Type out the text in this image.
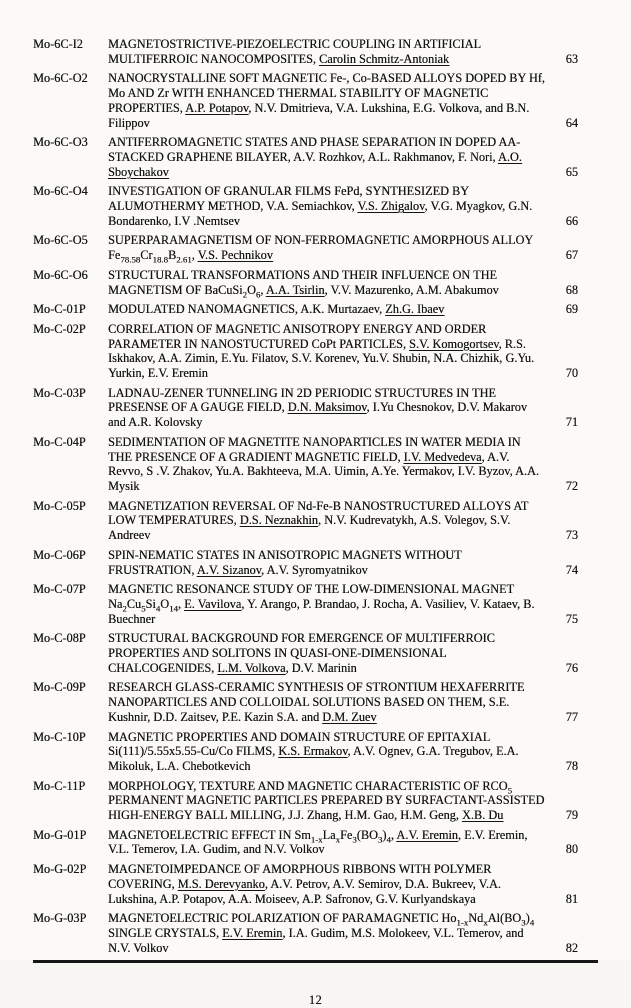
Mo-6C-I2	MAGNETOSTRICTIVE-PIEZOELECTRIC COUPLING IN ARTIFICIAL MULTIFERROIC NANOCOMPOSITES, Carolin Schmitz-Antoniak	63
Mo-6C-O2	NANOCRYSTALLINE SOFT MAGNETIC Fe-, Co-BASED ALLOYS DOPED BY Hf, Mo AND Zr WITH ENHANCED THERMAL STABILITY OF MAGNETIC PROPERTIES, A.P. Potapov, N.V. Dmitrieva, V.A. Lukshina, E.G. Volkova, and B.N. Filippov	64
Mo-6C-O3	ANTIFERROMAGNETIC STATES AND PHASE SEPARATION IN DOPED AA-STACKED GRAPHENE BILAYER, A.V. Rozhkov, A.L. Rakhmanov, F. Nori, A.O. Sboychakov	65
Mo-6C-O4	INVESTIGATION OF GRANULAR FILMS FePd, SYNTHESIZED BY ALUMOTHERMY METHOD, V.A. Semiachkov, V.S. Zhigalov, V.G. Myagkov, G.N. Bondarenko, I.V .Nemtsev	66
Mo-6C-O5	SUPERPARAMAGNETISM OF NON-FERROMAGNETIC AMORPHOUS ALLOY $Fe_{78.58}Cr_{18.8}B_{2.61}$, V.S. Pechnikov	67
Mo-6C-O6	STRUCTURAL TRANSFORMATIONS AND THEIR INFLUENCE ON THE MAGNETISM OF $BaCuSi_2O_6$, A.A. Tsirlin, V.V. Mazurenko, A.M. Abakumov	68
Mo-C-01P	MODULATED NANOMAGNETICS, A.K. Murtazaev, Zh.G. Ibaev	69
Mo-C-02P	CORRELATION OF MAGNETIC ANISOTROPY ENERGY AND ORDER PARAMETER IN NANOSTUCTURED CoPt PARTICLES, S.V. Komogortsev, R.S. Iskhakov, A.A. Zimin, E.Yu. Filatov, S.V. Korenev, Yu.V. Shubin, N.A. Chizhik, G.Yu. Yurkin, E.V. Eremin	70
Mo-C-03P	LADNAU-ZENER TUNNELING IN 2D PERIODIC STRUCTURES IN THE PRESENSE OF A GAUGE FIELD, D.N. Maksimov, I.Yu Chesnokov, D.V. Makarov and A.R. Kolovsky	71
Mo-C-04P	SEDIMENTATION OF MAGNETITE NANOPARTICLES IN WATER MEDIA IN THE PRESENCE OF A GRADIENT MAGNETIC FIELD, I.V. Medvedeva, A.V. Revvo, S .V. Zhakov, Yu.A. Bakhteeva, M.A. Uimin, A.Ye. Yermakov, I.V. Byzov, A.A. Mysik	72
Mo-C-05P	MAGNETIZATION REVERSAL OF Nd-Fe-B NANOSTRUCTURED ALLOYS AT LOW TEMPERATURES, D.S. Neznakhin, N.V. Kudrevatykh, A.S. Volegov, S.V. Andreev	73
Mo-C-06P	SPIN-NEMATIC STATES IN ANISOTROPIC MAGNETS WITHOUT FRUSTRATION, A.V. Sizanov, A.V. Syromyatnikov	74
Mo-C-07P	MAGNETIC RESONANCE STUDY OF THE LOW-DIMENSIONAL MAGNET $Na_2Cu_5Si_4O_{14}$, E. Vavilova, Y. Arango, P. Brandao, J. Rocha, A. Vasiliev, V. Kataev, B. Buechner	75
Mo-C-08P	STRUCTURAL BACKGROUND FOR EMERGENCE OF MULTIFERROIC PROPERTIES AND SOLITONS IN QUASI-ONE-DIMENSIONAL CHALCOGENIDES, L.M. Volkova, D.V. Marinin	76
Mo-C-09P	RESEARCH GLASS-CERAMIC SYNTHESIS OF STRONTIUM HEXAFERRITE NANOPARTICLES AND COLLOIDAL SOLUTIONS BASED ON THEM, S.E. Kushnir, D.D. Zaitsev, P.E. Kazin S.A. and D.M. Zuev	77
Mo-C-10P	MAGNETIC PROPERTIES AND DOMAIN STRUCTURE OF EPITAXIAL Si(111)/5.55x5.55-Cu/Co FILMS, K.S. Ermakov, A.V. Ognev, G.A. Tregubov, E.A. Mikoluk, L.A. Chebotkevich	78
Mo-C-11P	MORPHOLOGY, TEXTURE AND MAGNETIC CHARACTERISTIC OF $RCO_5$ PERMANENT MAGNETIC PARTICLES PREPARED BY SURFACTANT-ASSISTED HIGH-ENERGY BALL MILLING, J.J. Zhang, H.M. Gao, H.M. Geng, X.B. Du	79
Mo-G-01P	MAGNETOELECTRIC EFFECT IN $Sm_{1-x}La_xFe_3(BO_3)_4$, A.V. Eremin, E.V. Eremin, V.L. Temerov, I.A. Gudim, and N.V. Volkov	80
Mo-G-02P	MAGNETOIMPEDANCE OF AMORPHOUS RIBBONS WITH POLYMER COVERING, M.S. Derevyanko, A.V. Petrov, A.V. Semirov, D.A. Bukreev, V.A. Lukshina, A.P. Potapov, A.A. Moiseev, A.P. Safronov, G.V. Kurlyandskaya	81
Mo-G-03P	MAGNETOELECTRIC POLARIZATION OF PARAMAGNETIC $Ho_{1-x}Nd_xAl(BO_3)_4$ SINGLE CRYSTALS, E.V. Eremin, I.A. Gudim, M.S. Molokeev, V.L. Temerov, and N.V. Volkov	82
12
